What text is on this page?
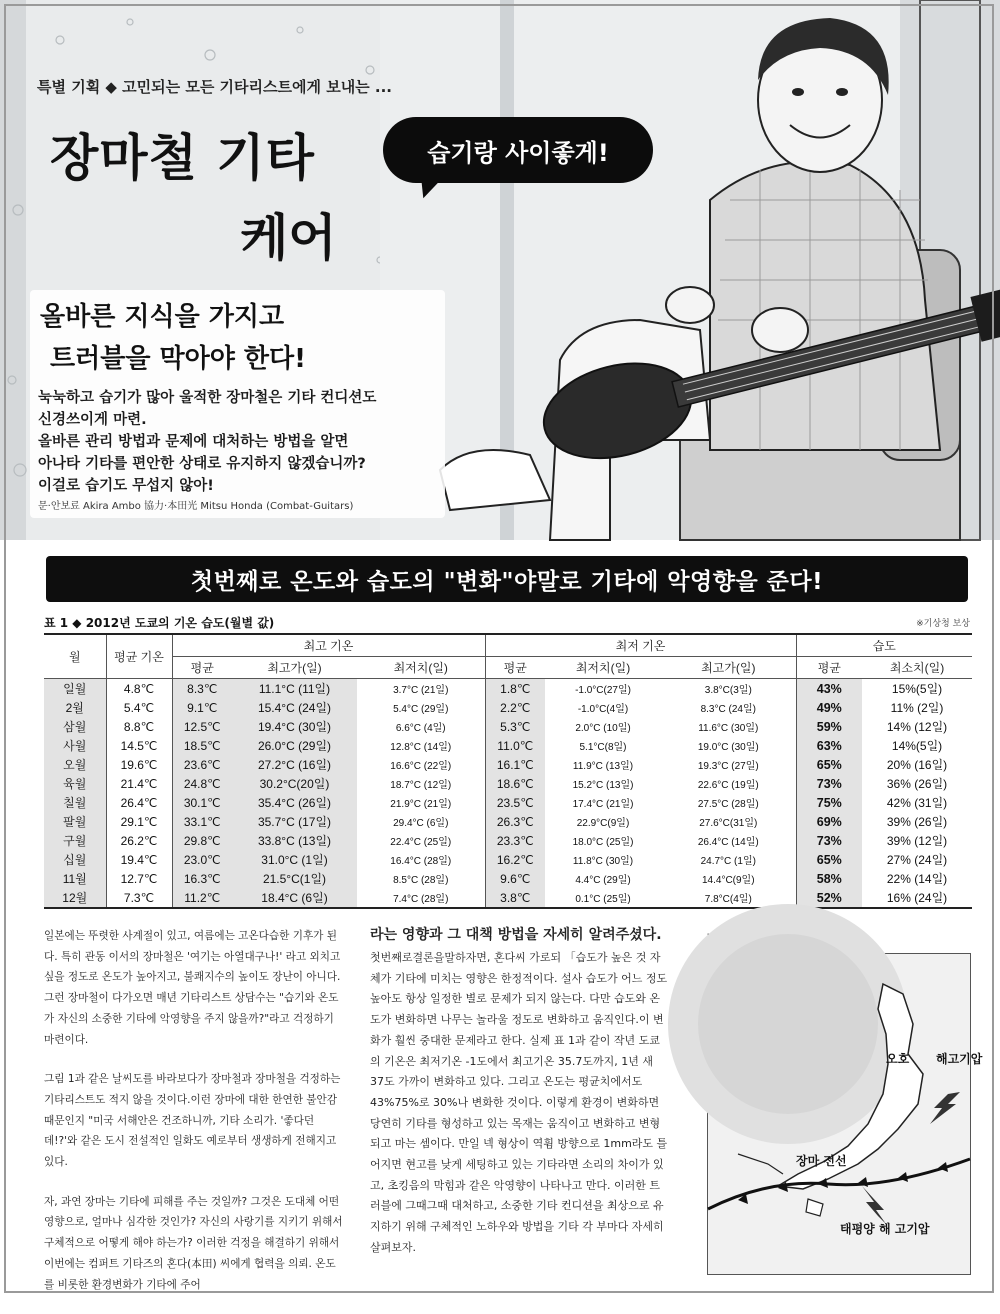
특별 기획 ◆ 고민되는 모든 기타리스트에게 보내는 ...
장마철 기타
케어
습기랑 사이좋게!
올바른 지식을 가지고
트러블을 막아야 한다!
눅눅하고 습기가 많아 울적한 장마철은 기타 컨디션도
신경쓰이게 마련.
올바른 관리 방법과 문제에 대처하는 방법을 알면
아나타 기타를 편안한 상태로 유지하지 않겠습니까?
이걸로 습기도 무섭지 않아!
문·안보료 Akira Ambo 協力·本田光 Mitsu Honda (Combat-Guitars)
첫번째로 온도와 습도의 "변화"야말로 기타에 악영향을 준다!
표 1 ◆ 2012년 도쿄의 기온 습도(월별 값)	※기상청 보상
월	평균 기온	최고 기온			최저 기온			습도	
		평균	최고가(일)	최저치(일)	평균	최저치(일)	최고가(일)	평균	최소치(일)
일월	4.8℃	8.3℃	11.1°C (11일)	3.7°C (21일)	1.8℃	-1.0°C(27일)	3.8°C(3일)	43%	15%(5일)
2월	5.4℃	9.1℃	15.4°C (24일)	5.4°C (29일)	2.2℃	-1.0°C(4일)	8.3°C (24일)	49%	11% (2일)
삼월	8.8℃	12.5℃	19.4°C (30일)	6.6°C (4일)	5.3℃	2.0°C (10일)	11.6°C (30일)	59%	14% (12일)
사월	14.5℃	18.5℃	26.0°C (29일)	12.8°C (14일)	11.0℃	5.1°C(8일)	19.0°C (30일)	63%	14%(5일)
오월	19.6℃	23.6℃	27.2°C (16일)	16.6°C (22일)	16.1℃	11.9°C (13일)	19.3°C (27일)	65%	20% (16일)
육월	21.4℃	24.8℃	30.2°C(20일)	18.7°C (12일)	18.6℃	15.2°C (13일)	22.6°C (19일)	73%	36% (26일)
칠월	26.4℃	30.1℃	35.4°C (26일)	21.9°C (21일)	23.5℃	17.4°C (21일)	27.5°C (28일)	75%	42% (31일)
팔월	29.1℃	33.1℃	35.7°C (17일)	29.4°C (6일)	26.3℃	22.9°C(9일)	27.6°C(31일)	69%	39% (26일)
구월	26.2℃	29.8℃	33.8°C (13일)	22.4°C (25일)	23.3℃	18.0°C (25일)	26.4°C (14일)	73%	39% (12일)
십월	19.4℃	23.0℃	31.0°C (1일)	16.4°C (28일)	16.2℃	11.8°C (30일)	24.7°C (1일)	65%	27% (24일)
11월	12.7℃	16.3℃	21.5°C(1일)	8.5°C (28일)	9.6℃	4.4°C (29일)	14.4°C(9일)	58%	22% (14일)
12월	7.3℃	11.2℃	18.4°C (6일)	7.4°C (28일)	3.8℃	0.1°C (25일)	7.8°C(4일)	52%	16% (24일)

일본에는 뚜렷한 사계절이 있고, 여름에는 고온다습한 기후가 된다. 특히 관동 이서의 장마철은 '여기는 아열대구나!' 라고 외치고 싶을 정도로 온도가 높아지고, 불쾌지수의 높이도 장난이 아니다. 그런 장마철이 다가오면 매년 기타리스트 상담수는 "습기와 온도가 자신의 소중한 기타에 악영향을 주지 않을까?"라고 걱정하기 마련이다.

그림 1과 같은 날씨도를 바라보다가 장마철과 장마철을 걱정하는 기타리스트도 적지 않을 것이다.이런 장마에 대한 한연한 불안감 때문인지 "미국 서해안은 건조하니까, 기타 소리가. '좋다던데!?'와 같은 도시 전설적인 일화도 예로부터 생생하게 전해지고 있다.

자, 과연 장마는 기타에 피해를 주는 것일까? 그것은 도대체 어떤 영향으로, 얼마나 심각한 것인가? 자신의 사랑기를 지키기 위해서 구체적으로 어떻게 해야 하는가? 이러한 걱정을 해결하기 위해서 이번에는 컴퍼트 기타즈의 혼다(本田) 씨에게 협력을 의뢰. 온도를 비롯한 환경변화가 기타에 주어

라는 영향과 그 대책 방법을 자세히 알려주셨다.

첫번째로결론을말하자면, 혼다씨 가로되 「습도가 높은 것 자체가 기타에 미치는 영향은 한정적이다. 설사 습도가 어느 정도 높아도 항상 일정한 별로 문제가 되지 않는다. 다만 습도와 온도가 변화하면 나무는 놀라울 정도로 변화하고 움직인다.이 변화가 훨씬 중대한 문제라고 한다. 실제 표 1과 같이 작년 도쿄의 기온은 최저기온 -1도에서 최고기온 35.7도까지, 1년 새 37도 가까이 변화하고 있다. 그리고 온도는 평균치에서도 43%75%로 30%나 변화한 것이다. 이렇게 환경이 변화하면 당연히 기타를 형성하고 있는 목재는 움직이고 변화하고 변형되고 마는 셈이다. 만일 넥 형상이 역휨 방향으로 1mm라도 틀어지면 현고를 낮게 세팅하고 있는 기타라면 소리의 차이가 있고, 초킹음의 막힘과 같은 악영향이 나타나고 만다. 이러한 트러블에 그때그때 대처하고, 소중한 기타 컨디션을 최상으로 유지하기 위해 구체적인 노하우와 방법을 기타 각 부마다 자세히 살펴보자.

오호 해고기압
장마 전선
태평양 해 고기압
